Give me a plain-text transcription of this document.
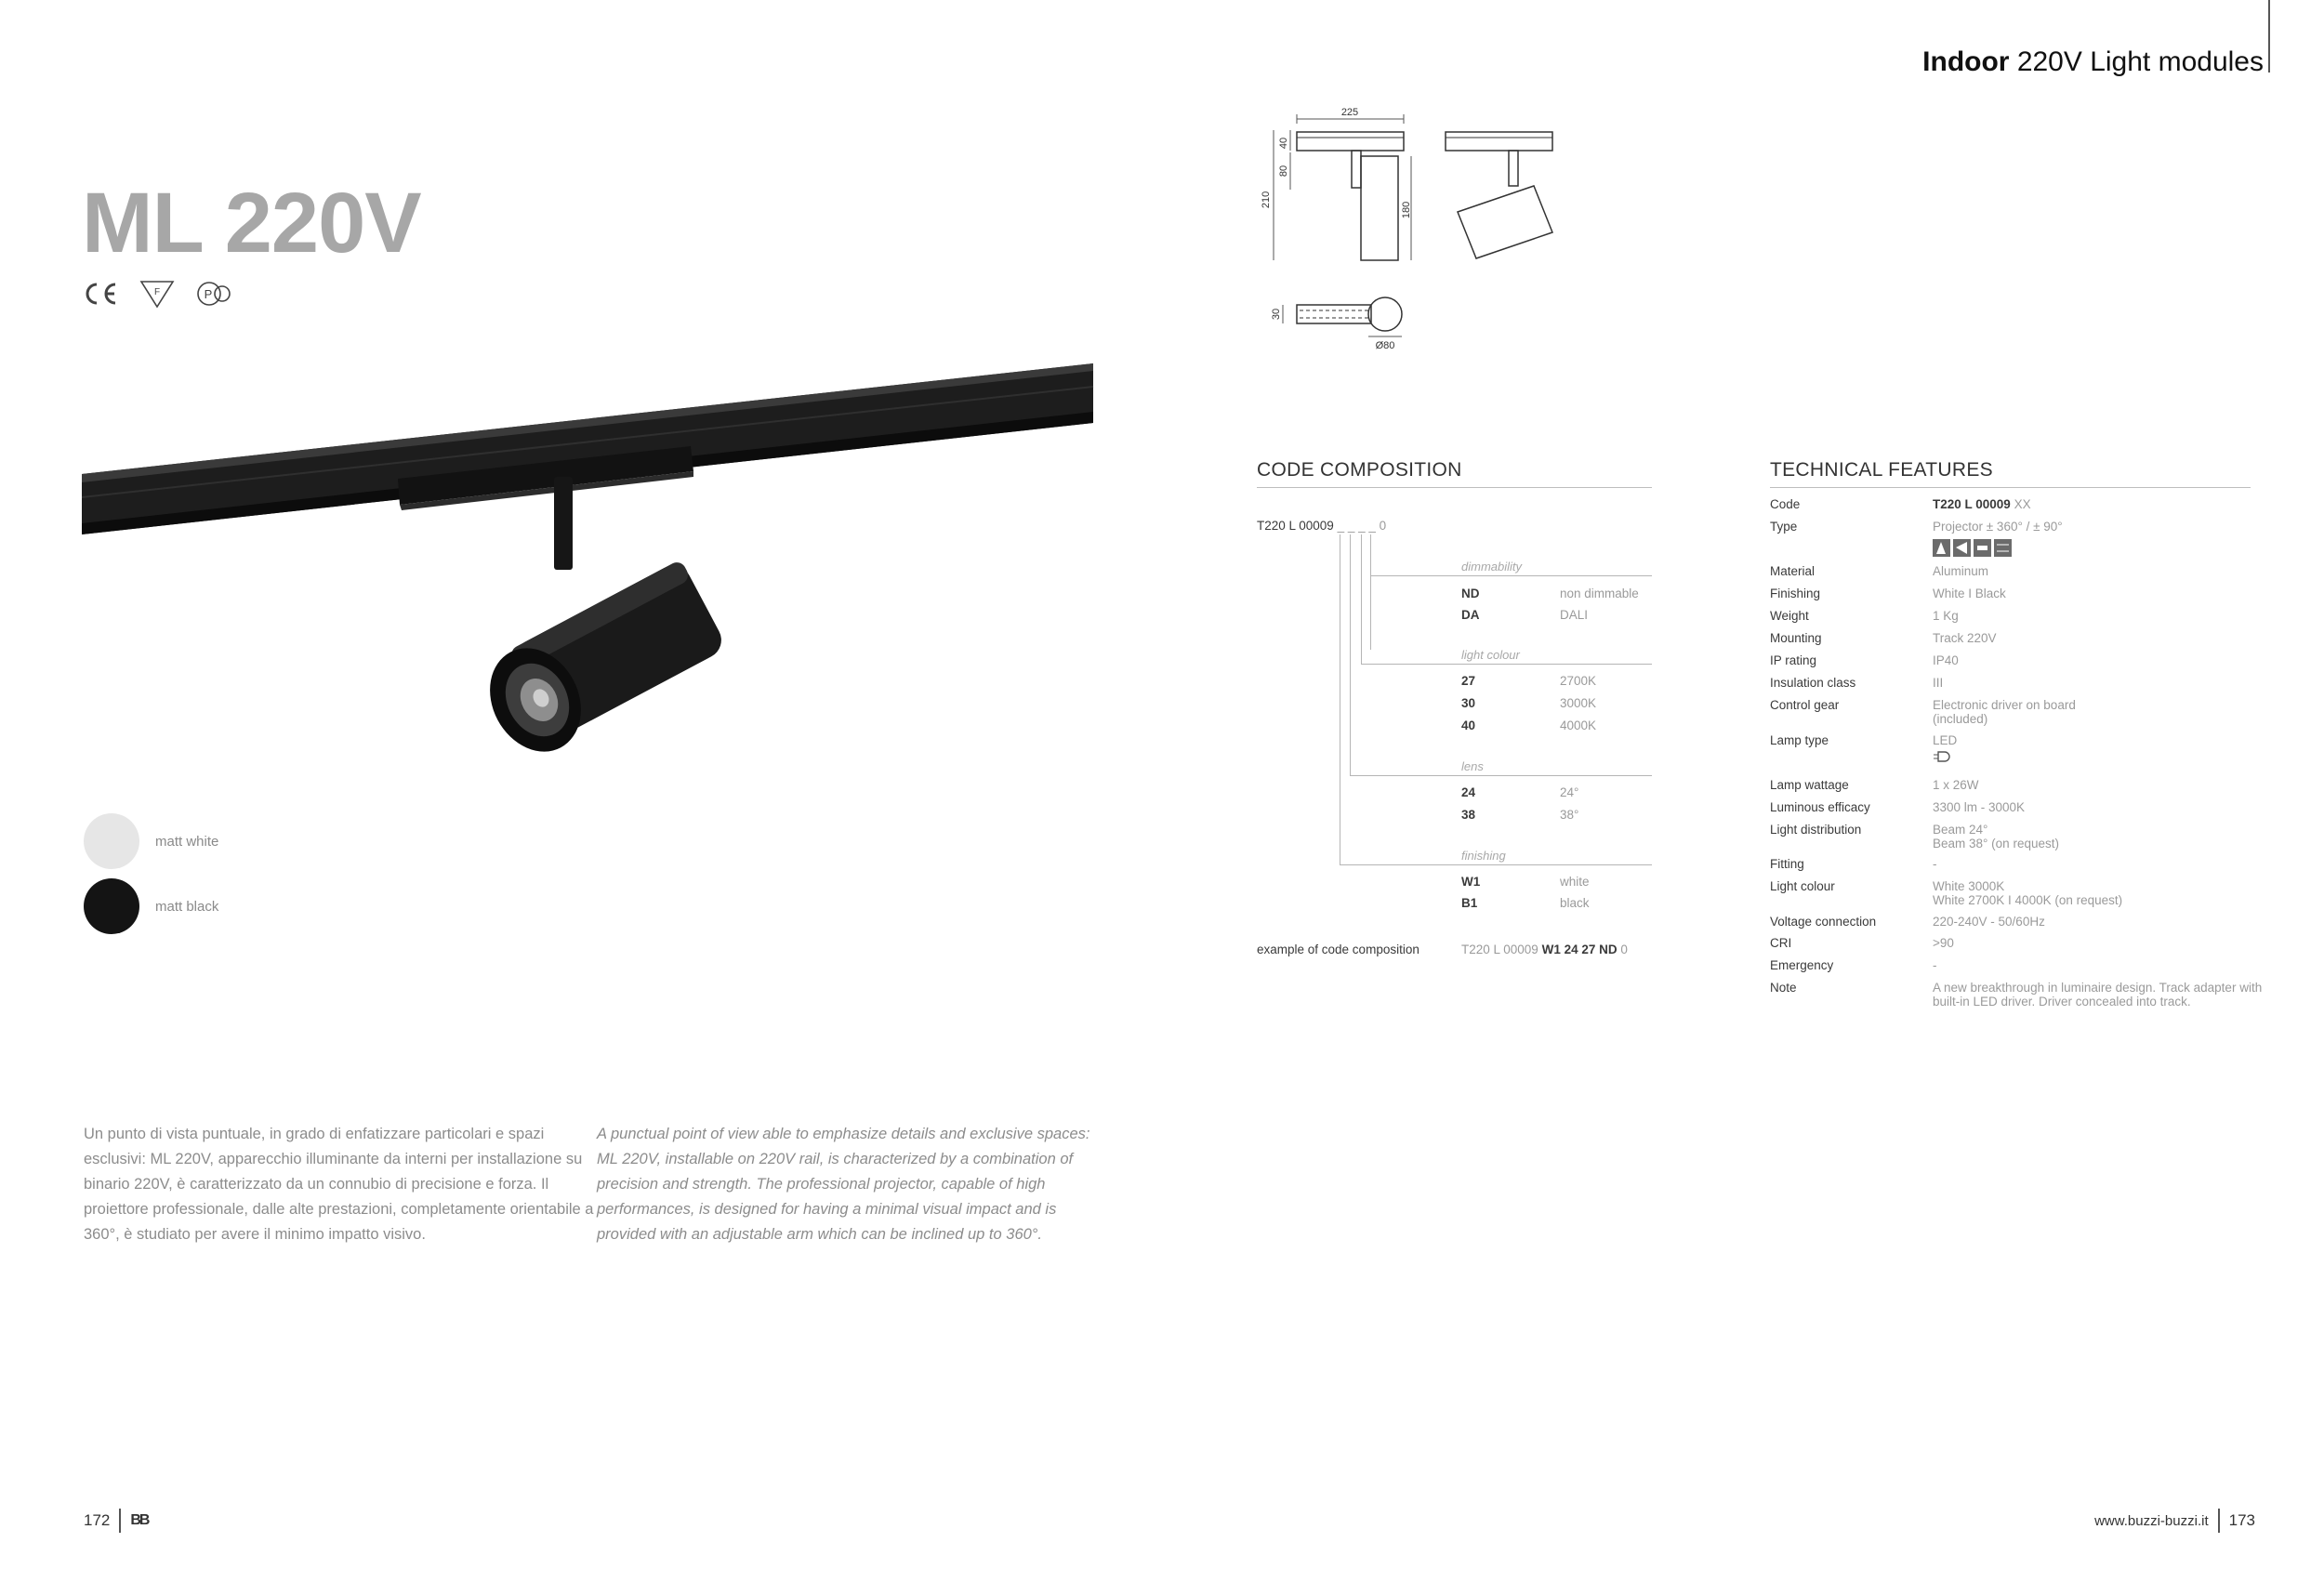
Indoor 220V Light modules
ML 220V
F	P
matt white
matt black
Un punto di vista puntuale, in grado di enfatizzare particolari e spazi esclusivi: ML 220V, apparecchio illuminante da interni per installazione su binario 220V, è caratterizzato da un connubio di precisione e forza. Il proiettore professionale, dalle alte prestazioni, completamente orientabile a 360°, è studiato per avere il minimo impatto visivo.
A punctual point of view able to emphasize details and exclusive spaces: ML 220V, installable on 220V rail, is characterized by a combination of precision and strength. The professional projector, capable of high performances, is designed for having a minimal visual impact and is provided with an adjustable arm which can be inclined up to 360°.
225
210
40
80
180
30
Ø80
CODE COMPOSITION
T220 L 00009 _ _ _ _ 0
dimmability
ND	non dimmable
DA	DALI
light colour
27	2700K
30	3000K
40	4000K
lens
24	24°
38	38°
finishing
W1	white
B1	black
example of code composition	T220 L 00009 W1 24 27 ND 0
TECHNICAL FEATURES
Code	T220 L 00009 XX
Type	Projector ± 360° / ± 90°
Material	Aluminum
Finishing	White I Black
Weight	1 Kg
Mounting	Track 220V
IP rating	IP40
Insulation class	III
Control gear	Electronic driver on board
(included)
Lamp type	LED
Lamp wattage	1 x 26W
Luminous efficacy	3300 lm - 3000K
Light distribution	Beam 24°
Beam 38° (on request)
Fitting	-
Light colour	White 3000K
White 2700K I 4000K (on request)
Voltage connection	220-240V - 50/60Hz
CRI	>90
Emergency	-
Note	A new breakthrough in luminaire design. Track adapter with
built-in LED driver. Driver concealed into track.
172 BB	www.buzzi-buzzi.it 173
